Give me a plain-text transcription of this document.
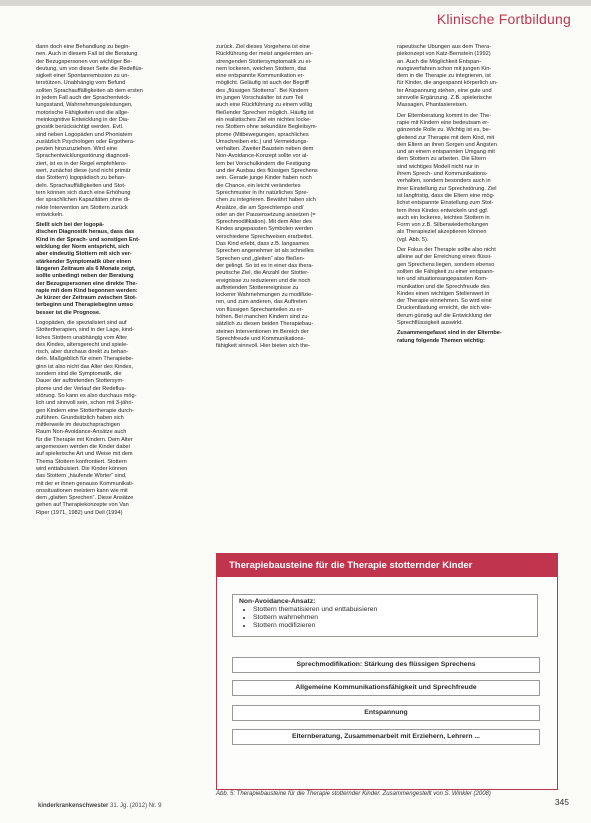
Klinische Fortbildung

dann doch eine Behandlung zu begin-
nen. Auch in diesem Fall ist die Beratung
der Bezugspersonen von wichtiger Be-
deutung, um von dieser Seite die Redeflüs-
sigkeit einer Spontanremission zu un-
terstützen. Unabhängig vom Befund
sollten Sprachauffälligkeiten ab dem ersten
in jedem Fall auch der Sprachentwick-
lungsstand, Wahrnehmungsleistungen,
motorische Fähigkeiten und die allge-
meinkognitive Entwicklung in der Dia-
gnostik berücksichtigt werden. Evtl.
sind neben Logopäden und Phoniatern
zusätzlich Psychologen oder Ergothera-
peuten hinzuzuziehen. Wird eine
Sprachentwicklungsstörung diagnosti-
ziert, ist es in der Regel empfehlens-
wert, zunächst diese (und nicht primär
das Stottern) logopädisch zu behan-
deln. Sprachauffälligkeiten und Stot-
tern können sich durch eine Erhöhung
der sprachlichen Kapazitäten ohne di-
rekte Intervention am Stottern zurück
entwickeln.

Stellt sich bei der logopä-
dischen Diagnostik heraus, dass das
Kind in der Sprach- und sonstigen Ent-
wicklung der Norm entspricht, sich
aber eindeutig Stottern mit sich ver-
stärkender Symptomatik über einen
längeren Zeitraum als 6 Monate zeigt,
sollte unbedingt neben der Beratung
der Bezugspersonen eine direkte The-
rapie mit dem Kind begonnen werden:
Je kürzer der Zeitraum zwischen Stot-
terbeginn und Therapiebeginn umso
besser ist die Prognose.

Logopäden, die spezialisiert sind auf
Stottertherapien, sind in der Lage, kind-
liches Stottern unabhängig vom Alter
des Kindes, altersgerecht und spiele-
risch, aber durchaus direkt zu behan-
deln. Maßgeblich für einen Therapiebe-
ginn ist also nicht das Alter des Kindes,
sondern sind die Symptomatik, die
Dauer der auftretenden Stottersym-
ptome und der Verlauf der Redeflus-
störung. So kann es also durchaus mög-
lich und sinnvoll sein, schon mit 3-jähri-
gen Kindern eine Stottertherapie durch-
zuführen. Grundsätzlich haben sich
mittlerweile im deutschsprachigen
Raum Non-Avoidance-Ansätze auch
für die Therapie mit Kindern. Dem Alter
angemessen werden die Kinder dabei
auf spielerische Art und Weise mit dem
Thema Stottern konfrontiert. Stottern
wird enttabuisiert. Die Kinder können
das Stottern „häufende Wörter“ sind,
mit der er ihnen genauso Kommunikati-
onssituationen meistern kann wie mit
dem „glatten Sprechen“. Diese Ansätze
gehen auf Therapiekonzepte von Van
Riper (1971, 1982) und Dell (1994)

zurück. Ziel dieses Vorgehens ist eine
Rückführung der meist angelernten an-
strengenden Stottersymptomatik zu ei-
nem lockeren, weichen Stottern, das
eine entspannte Kommunikation er-
möglicht. Geläufig ist auch der Begriff
des „flüssigen Stotterns“. Bei Kindern
im jungen Vorschulalter ist zum Teil
auch eine Rückführung zu einem völlig
fließender Sprechen möglich. Häufig ist
ein realistisches Ziel ein nichtes locke-
res Stottern ohne sekundäre Begleitsym-
ptome (Mitbewegungen, sprachliches
Umschreiben etc.) und Vermeidungs-
verhalten. Zweiter Baustein neben dem
Non-Avoidance-Konzept sollte vor al-
lem bei Vorschulkindern die Festigung
und der Ausbau des flüssigen Sprechens
sein. Gerade junge Kinder haben noch
die Chance, ein leicht verändertes
Sprechmuster in ihr natürliches Spre-
chen zu integrieren. Bewährt haben sich
Ansätze, die am Sprechtempo und/
oder an der Pausensetzung ansetzen (=
Sprechmodifikation). Mit dem Alter des
Kindes angepassten Symbolen werden
verschiedene Sprechweisen erarbeitet.
Das Kind erlebt, dass z.B. langsames
Sprechen angenehmer ist als schnelles
Sprechen und „gleiten“ also fließen-
der gelingt. So ist es in einer das thera-
peutische Ziel, die Anzahl der Stotter-
ereignisse zu reduzieren und die noch
auftretenden Stotterereignisse zu
lockerer Wahrnehmungen zu modifizie-
ren, und zum anderen, das Auftreten
von flüssigen Sprechanteilen zu er-
höhen. Bei manchen Kindern sind zu-
sätzlich zu diesen beiden Therapiebau-
steinen Interventionen im Bereich der
Sprechfreude und Kommunikations-
fähigkeit sinnvoll. Hier bieten sich the-

rapeutische Übungen aus dem Thera-
piekonzept von Katz-Bernstein (1992)
an. Auch die Möglichkeit Entspan-
nungsverfahren schon mit jungen Kin-
dern in die Therapie zu integrieren, ist
für Kinder, die angespannt körperlich un-
ter Anspannung stehen, eine gute und
sinnvolle Ergänzung. Z.B. spielerische
Massagen, Phantasiereisen.

Der Elternberatung kommt in der The-
rapie mit Kindern eine bedeutsam er-
gänzende Rolle zu. Wichtig ist es, be-
gleitend zur Therapie mit dem Kind, mit
den Eltern an ihren Sorgen und Ängsten
und an einem entspannten Umgang mit
dem Stottern zu arbeiten. Die Eltern
sind wichtiges Modell nicht nur in
ihrem Sprech- und Kommunikations-
verhalten, sondern besonders auch in
ihrer Einstellung zur Sprechstörung. Ziel
ist langfristig, dass die Eltern eine mög-
lichst entspannte Einstellung zum Stot-
tern ihres Kindes entwickeln und ggf.
auch ein lockeres, leichtes Stottern in
Form von z.B. Silbenwiederholungen
als Therapieziel akzeptieren können
(vgl. Abb. 5).

Der Fokus der Therapie sollte also nicht
alleine auf der Erreichung eines flüssi-
gen Sprechens liegen, sondern ebenso
sollten die Fähigkeit zu einer entspann-
ten und situationsangepassten Kom-
munikation und die Sprechfreude des
Kindes einen wichtigen Stellenwert in
der Therapie einnehmen. So wird eine
Druckentlastung erreicht, die sich wie-
derum günstig auf die Entwicklung der
Sprechflüssigkeit auswirkt.

Zusammengefasst sind in der Elternbe-
ratung folgende Themen wichtig:

Therapiebausteine für die Therapie stotternder Kinder
Non-Avoidance-Ansatz:
• Stottern thematisieren und enttabuisieren
• Stottern wahrnehmen
• Stottern modifizieren
Sprechmodifikation: Stärkung des flüssigen Sprechens
Allgemeine Kommunikationsfähigkeit und Sprechfreude
Entspannung
Elternberatung, Zusammenarbeit mit Erziehern, Lehrern ...
Abb. 5: Therapiebausteine für die Therapie stotternder Kinder. Zusammengestellt von S. Winkler (2008)
kinderkrankenschwester 31. Jg. (2012) Nr. 9	345
